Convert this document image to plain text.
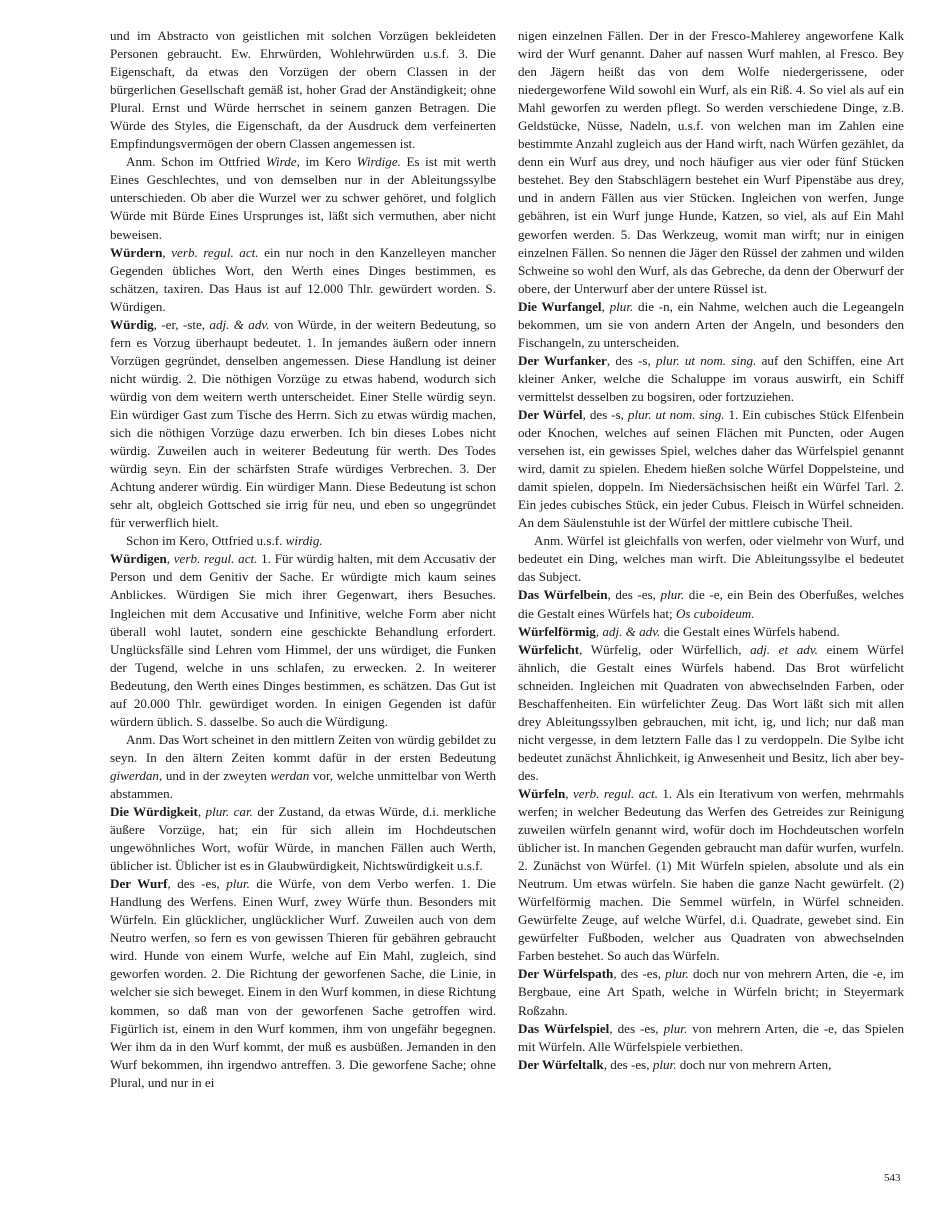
und im Abstracto von geistlichen mit solchen Vorzügen bekleideten Personen gebraucht. Ew. Ehrwürden, Wohlehrwürden u.s.f. 3. Die Eigenschaft, da etwas den Vorzügen der obern Classen in der bürgerlichen Gesellschaft gemäß ist, hoher Grad der Anständigkeit; ohne Plural. Ernst und Würde herrschet in seinem ganzen Betragen. Die Würde des Styles, die Eigenschaft, da der Ausdruck dem verfeinerten Empfindungsvermögen der obern Classen angemessen ist.

Anm. Schon im Ottfried Wirde, im Kero Wirdige. Es ist mit werth Eines Geschlechtes, und von demselben nur in der Ableitungssylbe unterschieden. Ob aber die Wurzel wer zu schwer gehöret, und folglich Würde mit Bürde Eines Ursprunges ist, läßt sich vermuthen, aber nicht beweisen.

Würdern, verb. regul. act. ein nur noch in den Kanzelleyen mancher Gegenden übliches Wort, den Werth eines Dinges bestimmen, es schätzen, taxiren. Das Haus ist auf 12.000 Thlr. gewürdert worden. S. Würdigen.

Würdig, -er, -ste, adj. & adv. von Würde, in der weitern Bedeutung, so fern es Vorzug überhaupt bedeutet. 1. In jemandes äußern oder innern Vorzügen gegründet, denselben angemessen. Diese Handlung ist deiner nicht würdig. 2. Die nöthigen Vorzüge zu etwas habend, wodurch sich würdig von dem weitern werth unterscheidet. Einer Stelle würdig seyn. Ein würdiger Gast zum Tische des Herrn. Sich zu etwas würdig machen, sich die nöthigen Vorzüge dazu erwerben. Ich bin dieses Lobes nicht würdig. Zuweilen auch in weiterer Bedeutung für werth. Des Todes würdig seyn. Ein der schärfsten Strafe würdiges Verbrechen. 3. Der Achtung anderer würdig. Ein würdiger Mann. Diese Bedeutung ist schon sehr alt, obgleich Gottsched sie irrig für neu, und eben so ungegründet für verwerflich hielt.

Schon im Kero, Ottfried u.s.f. wirdig.

Würdigen, verb. regul. act. 1. Für würdig halten, mit dem Accusativ der Person und dem Genitiv der Sache. Er würdigte mich kaum seines Anblickes. Würdigen Sie mich ihrer Gegenwart, ihers Besuches. Ingleichen mit dem Accusative und Infinitive, welche Form aber nicht überall wohl lautet, sondern eine geschickte Behandlung erfordert. Unglücksfälle sind Lehren vom Himmel, der uns würdiget, die Funken der Tugend, welche in uns schlafen, zu erwecken. 2. In weiterer Bedeutung, den Werth eines Dinges bestimmen, es schätzen. Das Gut ist auf 20.000 Thlr. gewürdiget worden. In einigen Gegenden ist dafür würdern üblich. S. dasselbe. So auch die Würdigung.

Anm. Das Wort scheinet in den mittlern Zeiten von würdig gebildet zu seyn. In den ältern Zeiten kommt dafür in der ersten Bedeutung giwerdan, und in der zweyten werdan vor, welche unmittelbar von Werth abstammen.

Die Würdigkeit, plur. car. der Zustand, da etwas Würde, d.i. merkliche äußere Vorzüge, hat; ein für sich allein im Hochdeutschen ungewöhnliches Wort, wofür Würde, in manchen Fällen auch Werth, üblicher ist. Üblicher ist es in Glaubwürdigkeit, Nichtswürdigkeit u.s.f.

Der Wurf, des -es, plur. die Würfe, von dem Verbo werfen. 1. Die Handlung des Werfens. Einen Wurf, zwey Würfe thun. Besonders mit Würfeln. Ein glücklicher, unglücklicher Wurf. Zuweilen auch von dem Neutro werfen, so fern es von gewissen Thieren für gebähren gebraucht wird. Hunde von einem Wurfe, welche auf Ein Mahl, zugleich, sind geworfen worden. 2. Die Richtung der geworfenen Sache, die Linie, in welcher sie sich beweget. Einem in den Wurf kommen, in diese Richtung kommen, so daß man von der geworfenen Sache getroffen wird. Figürlich ist, einem in den Wurf kommen, ihm von ungefähr begegnen. Wer ihm da in den Wurf kommt, der muß es ausbüßen. Jemanden in den Wurf bekommen, ihn irgendwo antreffen. 3. Die geworfene Sache; ohne Plural, und nur in ei

nigen einzelnen Fällen. Der in der Fresco-Mahlerey angeworfene Kalk wird der Wurf genannt. Daher auf nassen Wurf mahlen, al Fresco. Bey den Jägern heißt das von dem Wolfe niedergerissene, oder niedergeworfene Wild sowohl ein Wurf, als ein Riß. 4. So viel als auf ein Mahl geworfen zu werden pflegt. So werden verschiedene Dinge, z.B. Geldstücke, Nüsse, Nadeln, u.s.f. von welchen man im Zahlen eine bestimmte Anzahl zugleich aus der Hand wirft, nach Würfen gezählet, da denn ein Wurf aus drey, und noch häufiger aus vier oder fünf Stücken bestehet. Bey den Stabschlägern bestehet ein Wurf Pipenstäbe aus drey, und in andern Fällen aus vier Stücken. Ingleichen von werfen, Junge gebähren, ist ein Wurf junge Hunde, Katzen, so viel, als auf Ein Mahl geworfen werden. 5. Das Werkzeug, womit man wirft; nur in einigen einzelnen Fällen. So nennen die Jäger den Rüssel der zahmen und wilden Schweine so wohl den Wurf, als das Gebreche, da denn der Oberwurf der obere, der Unterwurf aber der untere Rüssel ist.

Die Wurfangel, plur. die -n, ein Nahme, welchen auch die Legeangeln bekommen, um sie von andern Arten der Angeln, und besonders den Fischangeln, zu unterscheiden.

Der Wurfanker, des -s, plur. ut nom. sing. auf den Schiffen, eine Art kleiner Anker, welche die Schaluppe im voraus auswirft, ein Schiff vermittelst desselben zu bogsiren, oder fortzuziehen.

Der Würfel, des -s, plur. ut nom. sing. 1. Ein cubisches Stück Elfenbein oder Knochen, welches auf seinen Flächen mit Puncten, oder Augen versehen ist, ein gewisses Spiel, welches daher das Würfelspiel genannt wird, damit zu spielen. Ehedem hießen solche Würfel Doppelsteine, und damit spielen, doppeln. Im Niedersächsischen heißt ein Würfel Tarl. 2. Ein jedes cubisches Stück, ein jeder Cubus. Fleisch in Würfel schneiden. An dem Säulenstuhle ist der Würfel der mittlere cubische Theil.

Anm. Würfel ist gleichfalls von werfen, oder vielmehr von Wurf, und bedeutet ein Ding, welches man wirft. Die Ableitungssylbe el bedeutet das Subject.

Das Würfelbein, des -es, plur. die -e, ein Bein des Oberfußes, welches die Gestalt eines Würfels hat; Os cuboideum.

Würfelförmig, adj. & adv. die Gestalt eines Würfels habend.

Würfelicht, Würfelig, oder Würfellich, adj. et adv. einem Würfel ähnlich, die Gestalt eines Würfels habend. Das Brot würfelicht schneiden. Ingleichen mit Quadraten von abwechselnden Farben, oder Beschaffenheiten. Ein würfelichter Zeug. Das Wort läßt sich mit allen drey Ableitungssylben gebrauchen, mit icht, ig, und lich; nur daß man nicht vergesse, in dem letztern Falle das l zu verdoppeln. Die Sylbe icht bedeutet zunächst Ähnlichkeit, ig Anwesenheit und Besitz, lich aber beydes.

Würfeln, verb. regul. act. 1. Als ein Iterativum von werfen, mehrmahls werfen; in welcher Bedeutung das Werfen des Getreides zur Reinigung zuweilen würfeln genannt wird, wofür doch im Hochdeutschen worfeln üblicher ist. In manchen Gegenden gebraucht man dafür wurfen, wurfeln. 2. Zunächst von Würfel. (1) Mit Würfeln spielen, absolute und als ein Neutrum. Um etwas würfeln. Sie haben die ganze Nacht gewürfelt. (2) Würfelförmig machen. Die Semmel würfeln, in Würfel schneiden. Gewürfelte Zeuge, auf welche Würfel, d.i. Quadrate, gewebet sind. Ein gewürfelter Fußboden, welcher aus Quadraten von abwechselnden Farben bestehet. So auch das Würfeln.

Der Würfelspath, des -es, plur. doch nur von mehrern Arten, die -e, im Bergbaue, eine Art Spath, welche in Würfeln bricht; in Steyermark Roßzahn.

Das Würfelspiel, des -es, plur. von mehrern Arten, die -e, das Spielen mit Würfeln. Alle Würfelspiele verbiethen.

Der Würfeltalk, des -es, plur. doch nur von mehrern Arten,

543
